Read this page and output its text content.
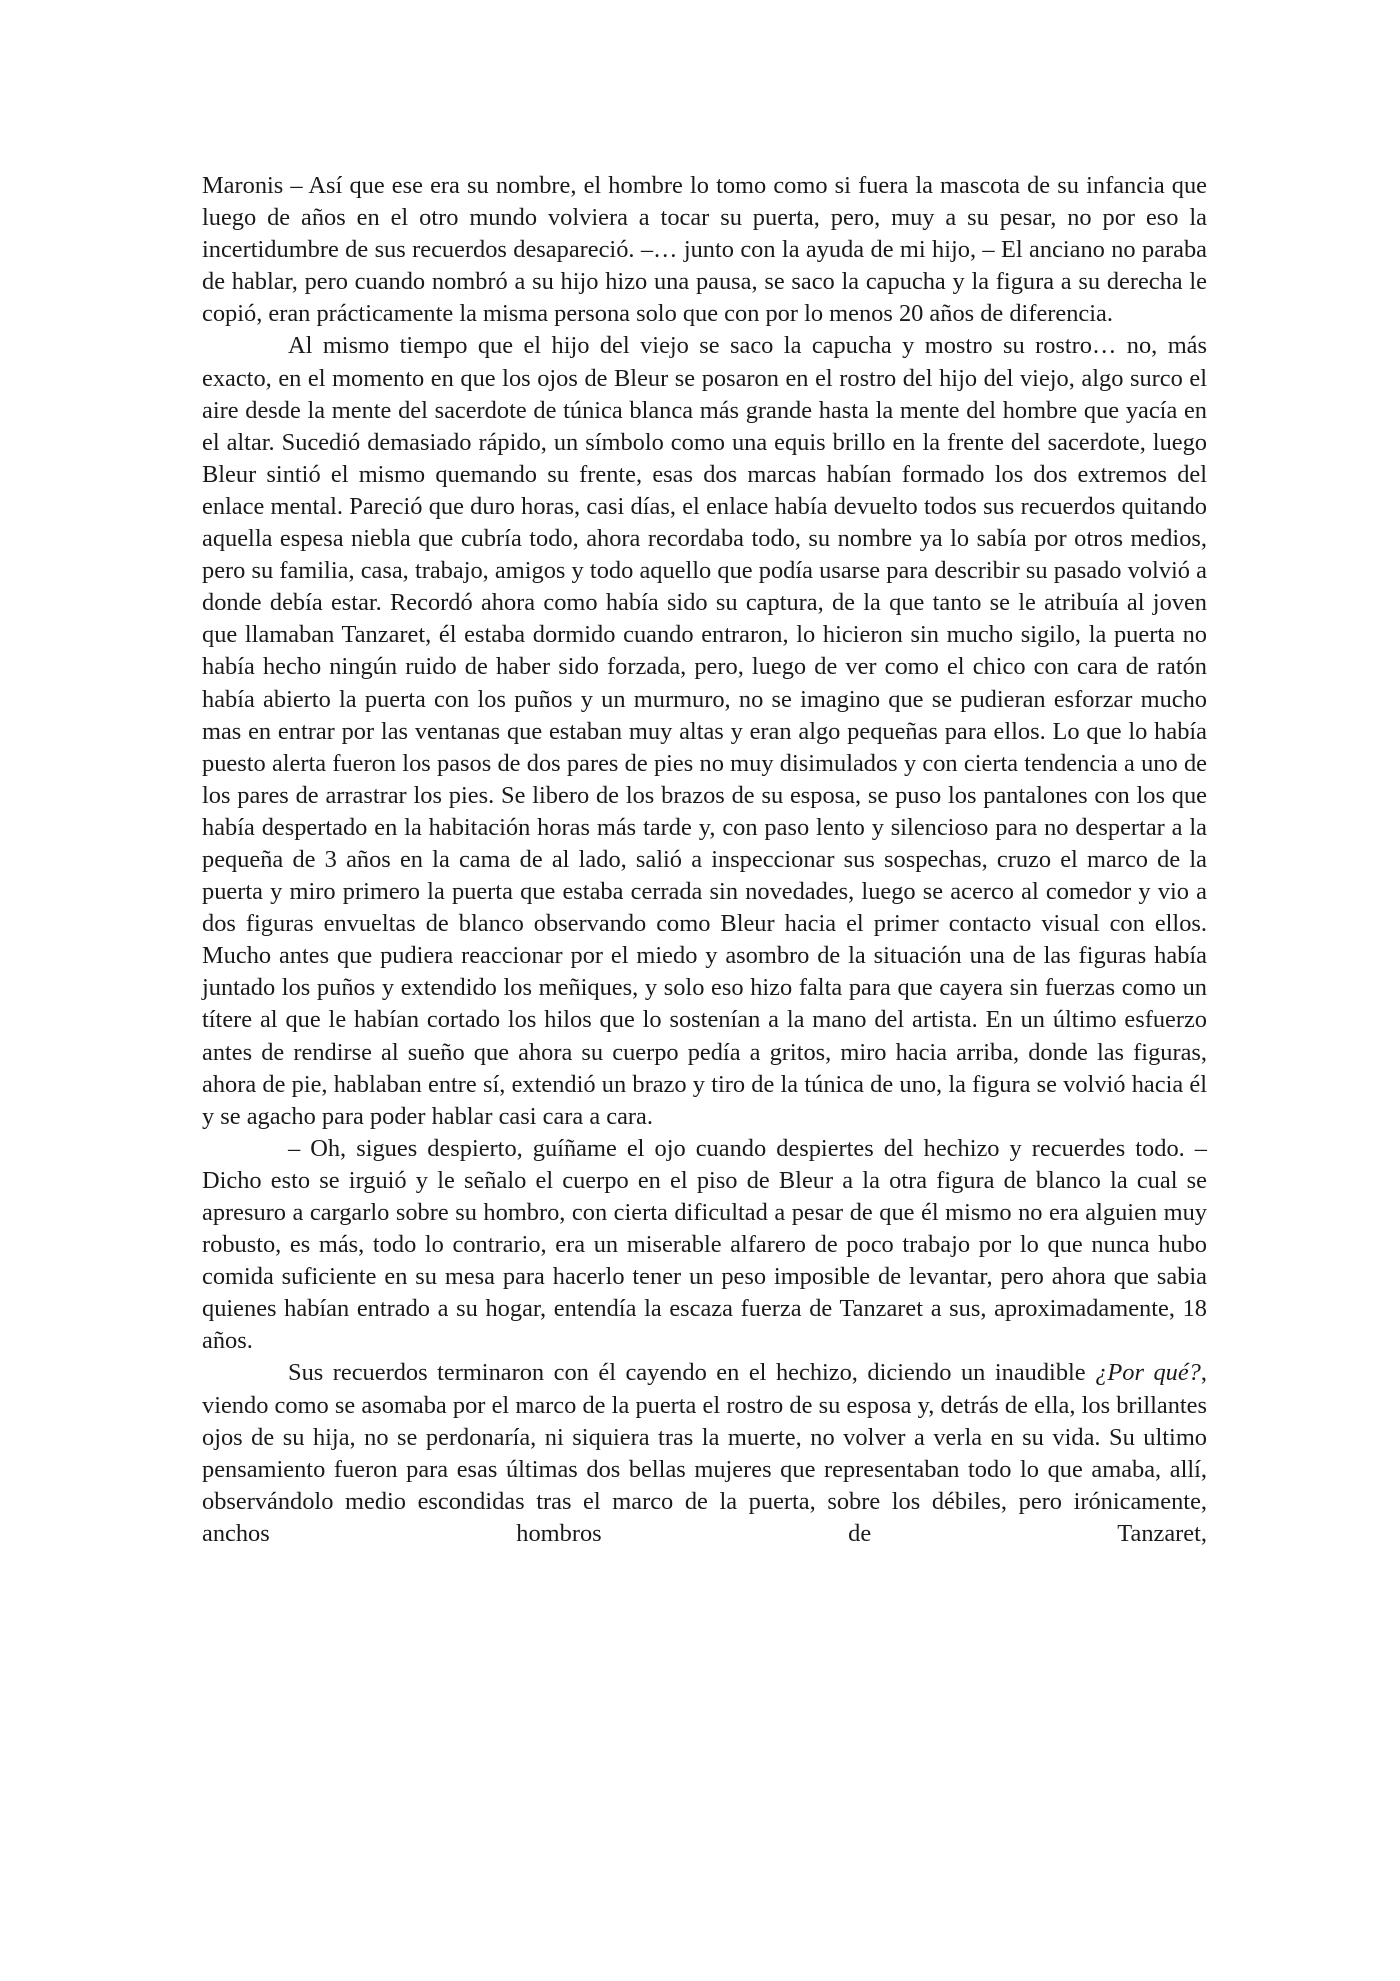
Maronis – Así que ese era su nombre, el hombre lo tomo como si fuera la mascota de su infancia que luego de años en el otro mundo volviera a tocar su puerta, pero, muy a su pesar, no por eso la incertidumbre de sus recuerdos desapareció. –… junto con la ayuda de mi hijo, – El anciano no paraba de hablar, pero cuando nombró a su hijo hizo una pausa, se saco la capucha y la figura a su derecha le copió, eran prácticamente la misma persona solo que con por lo menos 20 años de diferencia.

Al mismo tiempo que el hijo del viejo se saco la capucha y mostro su rostro… no, más exacto, en el momento en que los ojos de Bleur se posaron en el rostro del hijo del viejo, algo surco el aire desde la mente del sacerdote de túnica blanca más grande hasta la mente del hombre que yacía en el altar. Sucedió demasiado rápido, un símbolo como una equis brillo en la frente del sacerdote, luego Bleur sintió el mismo quemando su frente, esas dos marcas habían formado los dos extremos del enlace mental. Pareció que duro horas, casi días, el enlace había devuelto todos sus recuerdos quitando aquella espesa niebla que cubría todo, ahora recordaba todo, su nombre ya lo sabía por otros medios, pero su familia, casa, trabajo, amigos y todo aquello que podía usarse para describir su pasado volvió a donde debía estar. Recordó ahora como había sido su captura, de la que tanto se le atribuía al joven que llamaban Tanzaret, él estaba dormido cuando entraron, lo hicieron sin mucho sigilo, la puerta no había hecho ningún ruido de haber sido forzada, pero, luego de ver como el chico con cara de ratón había abierto la puerta con los puños y un murmuro, no se imagino que se pudieran esforzar mucho mas en entrar por las ventanas que estaban muy altas y eran algo pequeñas para ellos. Lo que lo había puesto alerta fueron los pasos de dos pares de pies no muy disimulados y con cierta tendencia a uno de los pares de arrastrar los pies. Se libero de los brazos de su esposa, se puso los pantalones con los que había despertado en la habitación horas más tarde y, con paso lento y silencioso para no despertar a la pequeña de 3 años en la cama de al lado, salió a inspeccionar sus sospechas, cruzo el marco de la puerta y miro primero la puerta que estaba cerrada sin novedades, luego se acerco al comedor y vio a dos figuras envueltas de blanco observando como Bleur hacia el primer contacto visual con ellos. Mucho antes que pudiera reaccionar por el miedo y asombro de la situación una de las figuras había juntado los puños y extendido los meñiques, y solo eso hizo falta para que cayera sin fuerzas como un títere al que le habían cortado los hilos que lo sostenían a la mano del artista. En un último esfuerzo antes de rendirse al sueño que ahora su cuerpo pedía a gritos, miro hacia arriba, donde las figuras, ahora de pie, hablaban entre sí, extendió un brazo y tiro de la túnica de uno, la figura se volvió hacia él y se agacho para poder hablar casi cara a cara.

– Oh, sigues despierto, guíñame el ojo cuando despiertes del hechizo y recuerdes todo. – Dicho esto se irguió y le señalo el cuerpo en el piso de Bleur a la otra figura de blanco la cual se apresuro a cargarlo sobre su hombro, con cierta dificultad a pesar de que él mismo no era alguien muy robusto, es más, todo lo contrario, era un miserable alfarero de poco trabajo por lo que nunca hubo comida suficiente en su mesa para hacerlo tener un peso imposible de levantar, pero ahora que sabia quienes habían entrado a su hogar, entendía la escaza fuerza de Tanzaret a sus, aproximadamente, 18 años.

Sus recuerdos terminaron con él cayendo en el hechizo, diciendo un inaudible ¿Por qué?, viendo como se asomaba por el marco de la puerta el rostro de su esposa y, detrás de ella, los brillantes ojos de su hija, no se perdonaría, ni siquiera tras la muerte, no volver a verla en su vida. Su ultimo pensamiento fueron para esas últimas dos bellas mujeres que representaban todo lo que amaba, allí, observándolo medio escondidas tras el marco de la puerta, sobre los débiles, pero irónicamente, anchos hombros de Tanzaret,
